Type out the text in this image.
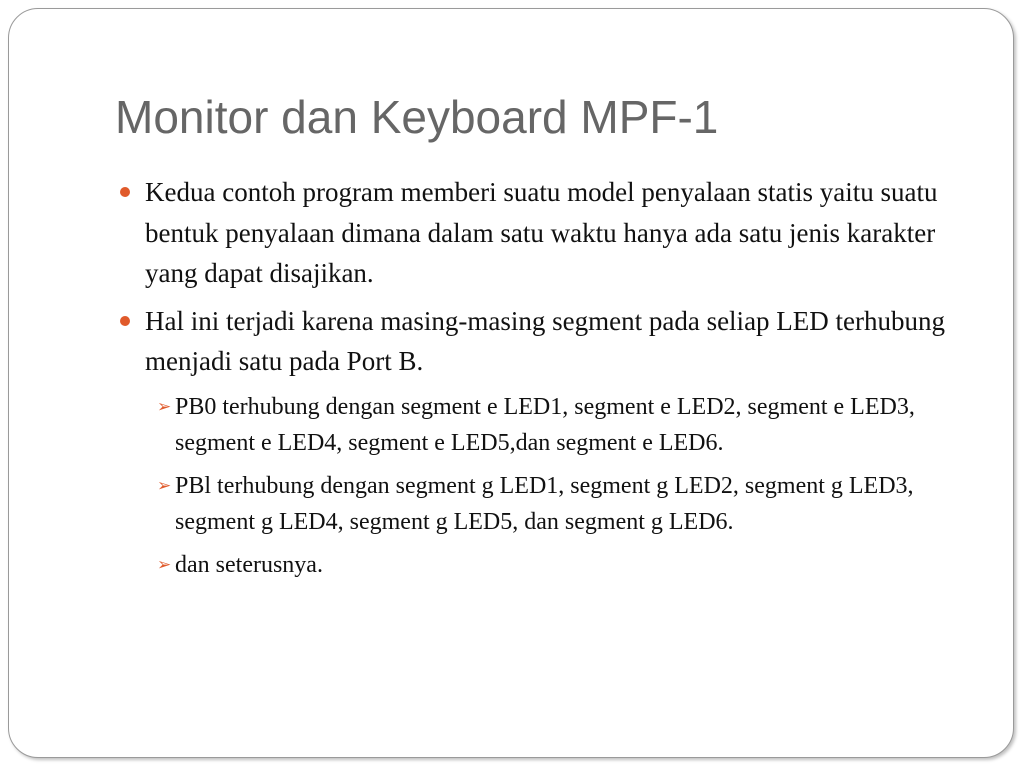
Monitor dan Keyboard MPF-1
Kedua contoh program memberi suatu model penyalaan statis yaitu suatu bentuk penyalaan dimana dalam satu waktu hanya ada satu jenis karakter yang dapat disajikan.
Hal ini terjadi karena masing-masing segment pada seliap LED terhubung menjadi satu pada Port B.
➢ PB0 terhubung dengan segment e LED1, segment e LED2, segment e LED3, segment e LED4, segment e LED5,dan segment e LED6.
➢ PBl terhubung dengan segment g LED1, segment g LED2, segment g LED3, segment g LED4, segment g LED5, dan segment g LED6.
➢ dan seterusnya.
